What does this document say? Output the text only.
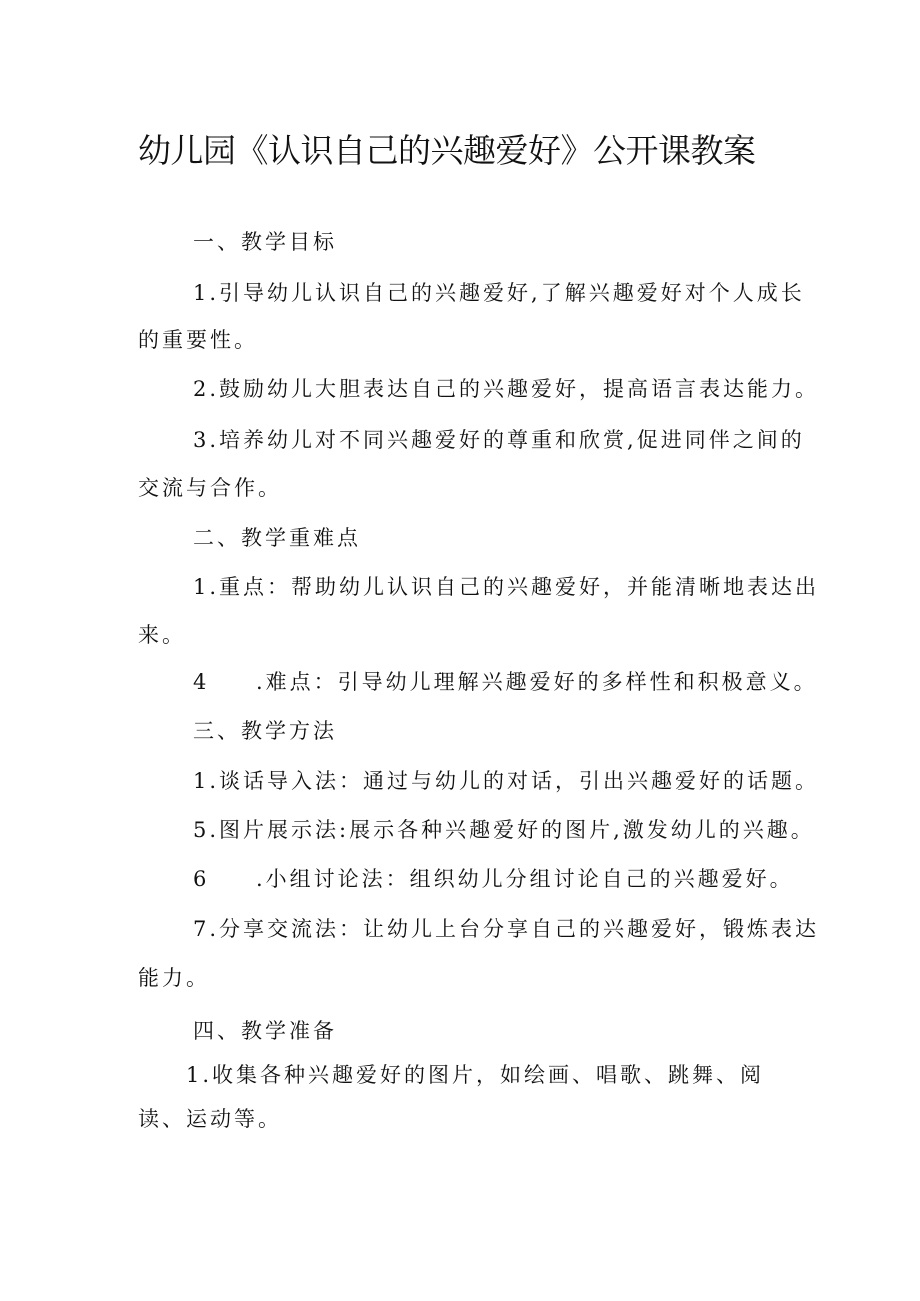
幼儿园《认识自己的兴趣爱好》公开课教案
一、教学目标
1.引导幼儿认识自己的兴趣爱好,了解兴趣爱好对个人成长
的重要性。
2.鼓励幼儿大胆表达自己的兴趣爱好，提高语言表达能力。
3.培养幼儿对不同兴趣爱好的尊重和欣赏,促进同伴之间的
交流与合作。
二、教学重难点
1.重点：帮助幼儿认识自己的兴趣爱好，并能清晰地表达出
来。
4 .难点：引导幼儿理解兴趣爱好的多样性和积极意义。
三、教学方法
1.谈话导入法：通过与幼儿的对话，引出兴趣爱好的话题。
5.图片展示法:展示各种兴趣爱好的图片,激发幼儿的兴趣。
6 .小组讨论法：组织幼儿分组讨论自己的兴趣爱好。
7.分享交流法：让幼儿上台分享自己的兴趣爱好，锻炼表达
能力。
四、教学准备
1.收集各种兴趣爱好的图片，如绘画、唱歌、跳舞、阅
读、运动等。
